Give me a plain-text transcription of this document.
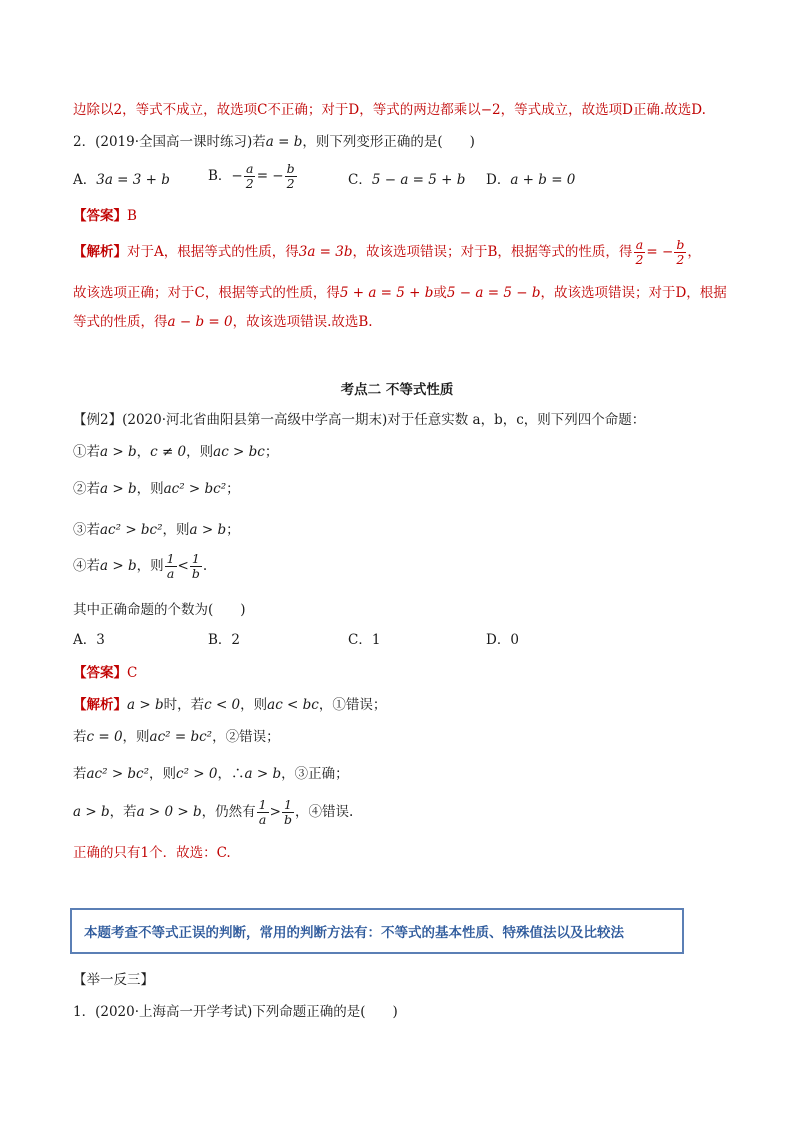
边除以2，等式不成立，故选项C不正确；对于D，等式的两边都乘以−2，等式成立，故选项D正确.故选D.
2．(2019·全国高一课时练习)若a = b，则下列变形正确的是(　　)
A．3a = 3 + b	B．− $\frac{a}{2}$ = − $\frac{b}{2}$	C．5 − a = 5 + b D．a + b = 0
【答案】B
【解析】对于A，根据等式的性质，得3a = 3b，故该选项错误；对于B，根据等式的性质，得 $\frac{a}{2}$ = − $\frac{b}{2}$ ，
故该选项正确；对于C，根据等式的性质，得5 + a = 5 + b或5 − a = 5 − b，故该选项错误；对于D，根据
等式的性质，得a − b = 0，故该选项错误.故选B.
考点二 不等式性质
【例2】(2020·河北省曲阳县第一高级中学高一期末)对于任意实数 a，b，c，则下列四个命题：
①若a > b，c ≠ 0，则ac > bc；
②若a > b，则ac² > bc²；
③若ac² > bc²，则a > b；
④若a > b，则 $\frac{1}{a} < \frac{1}{b}$ .
其中正确命题的个数为(　　)
A．3	B．2	C．1	D．0
【答案】C
【解析】a > b时，若c < 0，则ac < bc，①错误；
若c = 0，则ac² = bc²，②错误；
若ac² > bc²，则c² > 0，∴a > b，③正确；
a > b，若a > 0 > b，仍然有 $\frac{1}{a} > \frac{1}{b}$ ，④错误.
正确的只有1个．故选：C.
本题考查不等式正误的判断，常用的判断方法有：不等式的基本性质、特殊值法以及比较法
【举一反三】
1．(2020·上海高一开学考试)下列命题正确的是(　　)
